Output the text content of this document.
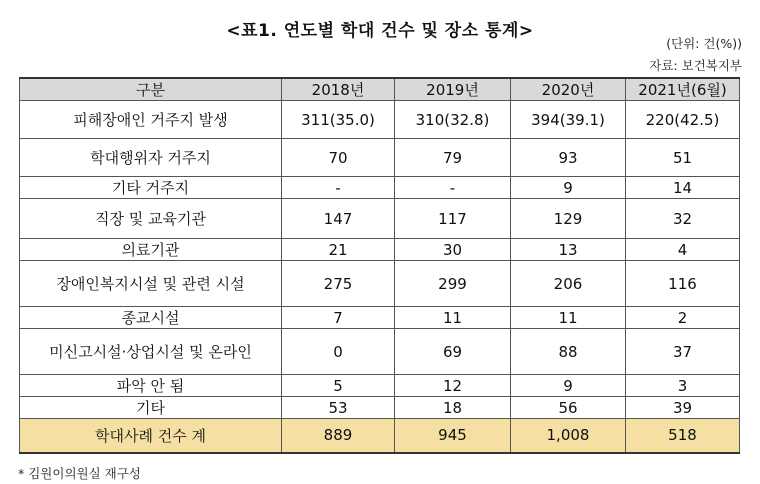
<표1. 연도별 학대 건수 및 장소 통계>
(단위: 건(%))
자료: 보건복지부
구분	2018년	2019년	2020년	2021년(6월)
피해장애인 거주지 발생	311(35.0)	310(32.8)	394(39.1)	220(42.5)
학대행위자 거주지	70	79	93	51
기타 거주지	-	-	9	14
직장 및 교육기관	147	117	129	32
의료기관	21	30	13	4
장애인복지시설 및 관련 시설	275	299	206	116
종교시설	7	11	11	2
미신고시설·상업시설 및 온라인	0	69	88	37
파악 안 됨	5	12	9	3
기타	53	18	56	39
학대사례 건수 계	889	945	1,008	518
* 김원이의원실 재구성
